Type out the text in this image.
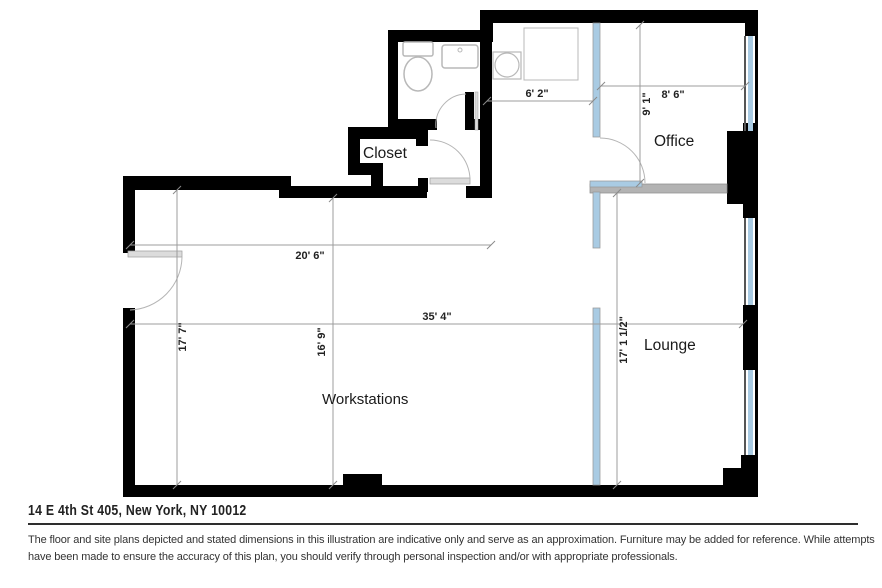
6' 2"	8' 6"
9' 1"
20' 6"
35' 4"
17' 7"	16' 9"	17' 1 1/2"
Closet
Office
Lounge
Workstations
14 E 4th St 405, New York, NY 10012
The floor and site plans depicted and stated dimensions in this illustration are indicative only and serve as an approximation. Furniture may be added for reference. While attempts
have been made to ensure the accuracy of this plan, you should verify through personal inspection and/or with appropriate professionals.
